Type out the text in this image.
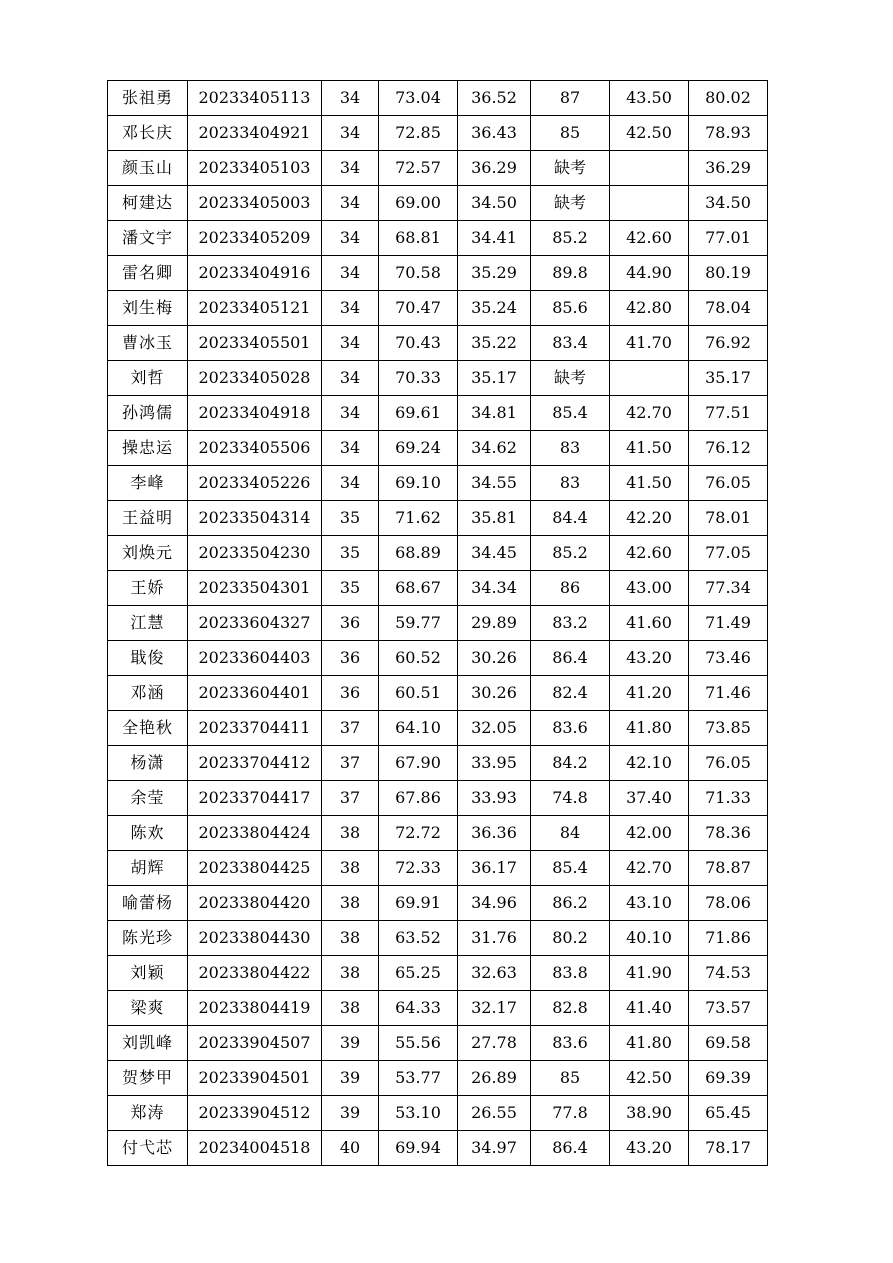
张祖勇	20233405113	34	73.04	36.52	87	43.50	80.02
邓长庆	20233404921	34	72.85	36.43	85	42.50	78.93
颜玉山	20233405103	34	72.57	36.29	缺考		36.29
柯建达	20233405003	34	69.00	34.50	缺考		34.50
潘文宇	20233405209	34	68.81	34.41	85.2	42.60	77.01
雷名卿	20233404916	34	70.58	35.29	89.8	44.90	80.19
刘生梅	20233405121	34	70.47	35.24	85.6	42.80	78.04
曹冰玉	20233405501	34	70.43	35.22	83.4	41.70	76.92
刘哲	20233405028	34	70.33	35.17	缺考		35.17
孙鸿儒	20233404918	34	69.61	34.81	85.4	42.70	77.51
操忠运	20233405506	34	69.24	34.62	83	41.50	76.12
李峰	20233405226	34	69.10	34.55	83	41.50	76.05
王益明	20233504314	35	71.62	35.81	84.4	42.20	78.01
刘焕元	20233504230	35	68.89	34.45	85.2	42.60	77.05
王娇	20233504301	35	68.67	34.34	86	43.00	77.34
江慧	20233604327	36	59.77	29.89	83.2	41.60	71.49
戢俊	20233604403	36	60.52	30.26	86.4	43.20	73.46
邓涵	20233604401	36	60.51	30.26	82.4	41.20	71.46
全艳秋	20233704411	37	64.10	32.05	83.6	41.80	73.85
杨潇	20233704412	37	67.90	33.95	84.2	42.10	76.05
余莹	20233704417	37	67.86	33.93	74.8	37.40	71.33
陈欢	20233804424	38	72.72	36.36	84	42.00	78.36
胡辉	20233804425	38	72.33	36.17	85.4	42.70	78.87
喻蕾杨	20233804420	38	69.91	34.96	86.2	43.10	78.06
陈光珍	20233804430	38	63.52	31.76	80.2	40.10	71.86
刘颖	20233804422	38	65.25	32.63	83.8	41.90	74.53
梁爽	20233804419	38	64.33	32.17	82.8	41.40	73.57
刘凯峰	20233904507	39	55.56	27.78	83.6	41.80	69.58
贺梦甲	20233904501	39	53.77	26.89	85	42.50	69.39
郑涛	20233904512	39	53.10	26.55	77.8	38.90	65.45
付弋芯	20234004518	40	69.94	34.97	86.4	43.20	78.17
